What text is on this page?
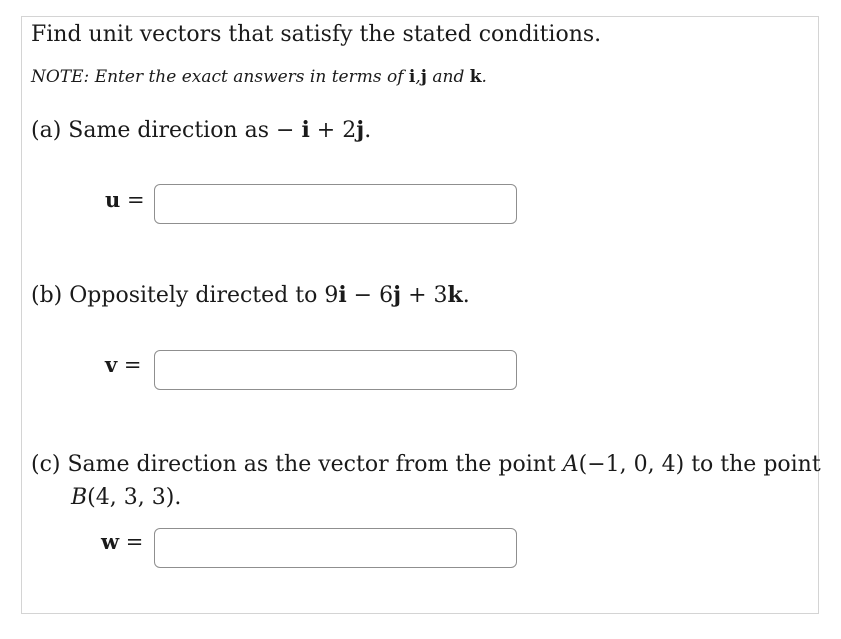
Find unit vectors that satisfy the stated conditions.
NOTE: Enter the exact answers in terms of i,j and k.
(a) Same direction as − i + 2j.
u =
(b) Oppositely directed to 9i − 6j + 3k.
v =
(c) Same direction as the vector from the point A(−1, 0, 4) to the point
B(4, 3, 3).
w =
